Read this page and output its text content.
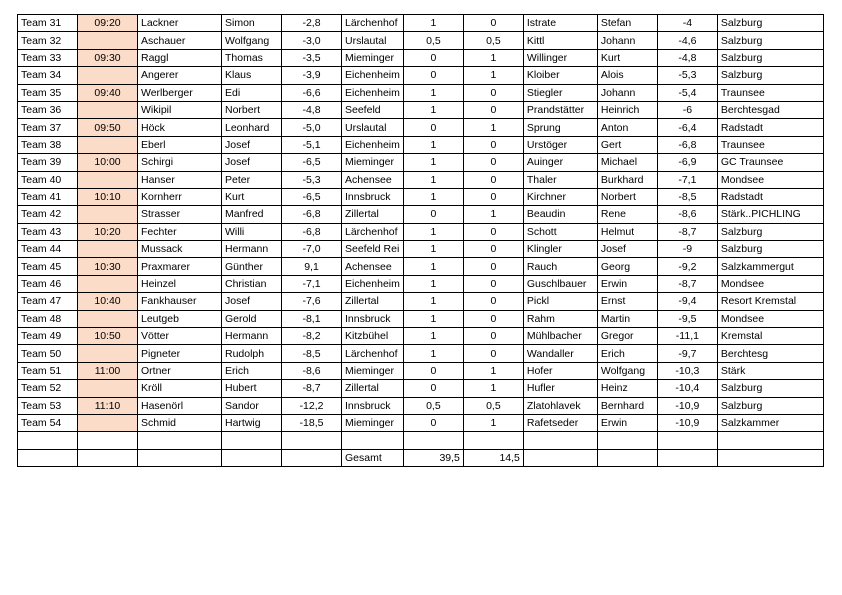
Team 31	09:20	Lackner	Simon	-2,8	Lärchenhof	1	0	Istrate	Stefan	-4	Salzburg
Team 32		Aschauer	Wolfgang	-3,0	Urslautal	0,5	0,5	Kittl	Johann	-4,6	Salzburg
Team 33	09:30	Raggl	Thomas	-3,5	Mieminger	0	1	Willinger	Kurt	-4,8	Salzburg
Team 34		Angerer	Klaus	-3,9	Eichenheim	0	1	Kloiber	Alois	-5,3	Salzburg
Team 35	09:40	Werlberger	Edi	-6,6	Eichenheim	1	0	Stiegler	Johann	-5,4	Traunsee
Team 36		Wikipil	Norbert	-4,8	Seefeld	1	0	Prandstätter	Heinrich	-6	Berchtesgad
Team 37	09:50	Höck	Leonhard	-5,0	Urslautal	0	1	Sprung	Anton	-6,4	Radstadt
Team 38		Eberl	Josef	-5,1	Eichenheim	1	0	Urstöger	Gert	-6,8	Traunsee
Team 39	10:00	Schirgi	Josef	-6,5	Mieminger	1	0	Auinger	Michael	-6,9	GC Traunsee
Team 40		Hanser	Peter	-5,3	Achensee	1	0	Thaler	Burkhard	-7,1	Mondsee
Team 41	10:10	Kornherr	Kurt	-6,5	Innsbruck	1	0	Kirchner	Norbert	-8,5	Radstadt
Team 42		Strasser	Manfred	-6,8	Zillertal	0	1	Beaudin	Rene	-8,6	Stärk..PICHLING
Team 43	10:20	Fechter	Willi	-6,8	Lärchenhof	1	0	Schott	Helmut	-8,7	Salzburg
Team 44		Mussack	Hermann	-7,0	Seefeld Rei	1	0	Klingler	Josef	-9	Salzburg
Team 45	10:30	Praxmarer	Günther	9,1	Achensee	1	0	Rauch	Georg	-9,2	Salzkammergut
Team 46		Heinzel	Christian	-7,1	Eichenheim	1	0	Guschlbauer	Erwin	-8,7	Mondsee
Team 47	10:40	Fankhauser	Josef	-7,6	Zillertal	1	0	Pickl	Ernst	-9,4	Resort Kremstal
Team 48		Leutgeb	Gerold	-8,1	Innsbruck	1	0	Rahm	Martin	-9,5	Mondsee
Team 49	10:50	Vötter	Hermann	-8,2	Kitzbühel	1	0	Mühlbacher	Gregor	-11,1	Kremstal
Team 50		Pigneter	Rudolph	-8,5	Lärchenhof	1	0	Wandaller	Erich	-9,7	Berchtesg
Team 51	11:00	Ortner	Erich	-8,6	Mieminger	0	1	Hofer	Wolfgang	-10,3	Stärk
Team 52		Kröll	Hubert	-8,7	Zillertal	0	1	Hufler	Heinz	-10,4	Salzburg
Team 53	11:10	Hasenörl	Sandor	-12,2	Innsbruck	0,5	0,5	Zlatohlavek	Bernhard	-10,9	Salzburg
Team 54		Schmid	Hartwig	-18,5	Mieminger	0	1	Rafetseder	Erwin	-10,9	Salzkammer

					Gesamt	39,5	14,5				
